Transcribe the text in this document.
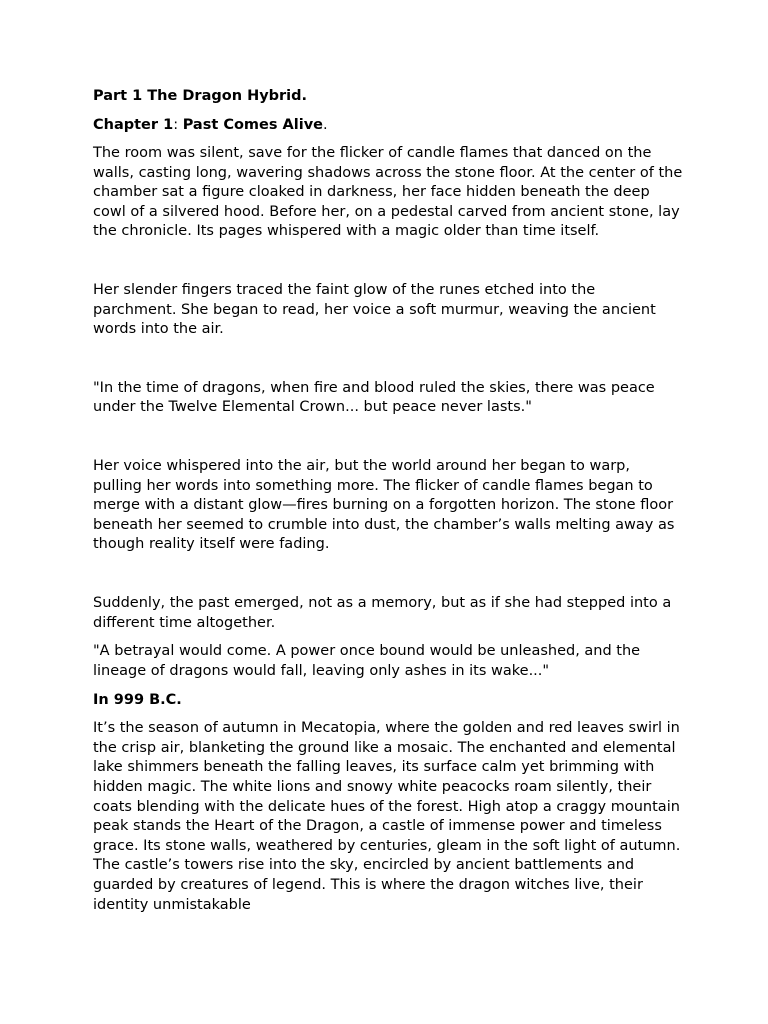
Part 1 The Dragon Hybrid.
Chapter 1: Past Comes Alive.

The room was silent, save for the flicker of candle flames that danced on the walls, casting long, wavering shadows across the stone floor. At the center of the chamber sat a figure cloaked in darkness, her face hidden beneath the deep cowl of a silvered hood. Before her, on a pedestal carved from ancient stone, lay the chronicle. Its pages whispered with a magic older than time itself.

Her slender fingers traced the faint glow of the runes etched into the parchment. She began to read, her voice a soft murmur, weaving the ancient words into the air.

"In the time of dragons, when fire and blood ruled the skies, there was peace under the Twelve Elemental Crown... but peace never lasts."

Her voice whispered into the air, but the world around her began to warp, pulling her words into something more. The flicker of candle flames began to merge with a distant glow—fires burning on a forgotten horizon. The stone floor beneath her seemed to crumble into dust, the chamber’s walls melting away as though reality itself were fading.

Suddenly, the past emerged, not as a memory, but as if she had stepped into a different time altogether.

"A betrayal would come. A power once bound would be unleashed, and the lineage of dragons would fall, leaving only ashes in its wake..."

In 999 B.C.

It’s the season of autumn in Mecatopia, where the golden and red leaves swirl in the crisp air, blanketing the ground like a mosaic. The enchanted and elemental lake shimmers beneath the falling leaves, its surface calm yet brimming with hidden magic. The white lions and snowy white peacocks roam silently, their coats blending with the delicate hues of the forest. High atop a craggy mountain peak stands the Heart of the Dragon, a castle of immense power and timeless grace. Its stone walls, weathered by centuries, gleam in the soft light of autumn. The castle’s towers rise into the sky, encircled by ancient battlements and guarded by creatures of legend. This is where the dragon witches live, their identity unmistakable
